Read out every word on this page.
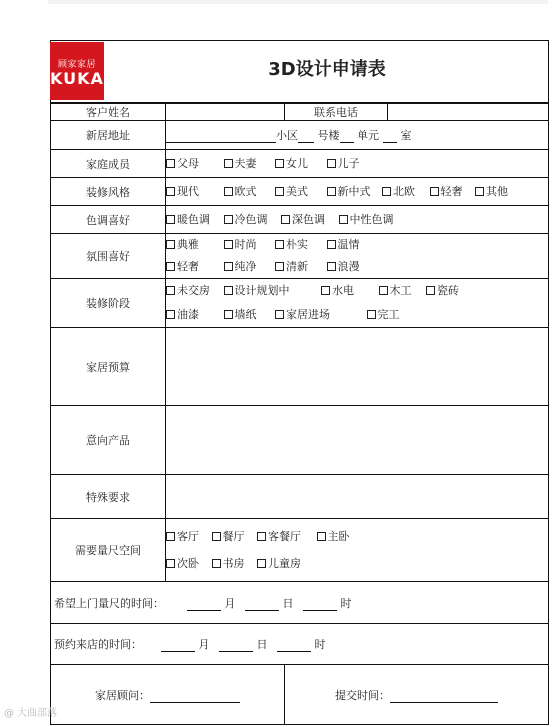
顾家家居
KUKA	3D设计申请表
客户姓名		联系电话	
新居地址	小区 号楼 单元 室		
家庭成员	父母 夫妻 女儿 儿子		

装修风格	现代 欧式 美式 新中式 北欧 轻奢 其他		

色调喜好	暖色调 冷色调 深色调 中性色调		

氛围喜好	典雅 时尚 朴实 温情
轻奢 纯净 清新 浪漫		

装修阶段	未交房 设计规划中 水电 木工 瓷砖
油漆 墙纸 家居进场 完工		

家居预算			
意向产品			
特殊要求			
需要量尺空间	客厅 餐厅 客餐厅 主卧
次卧 书房 儿童房		

希望上门量尺的时间： 月 日 时			
预约来店的时间： 月 日 时			
家居顾问：		提交时间：	
@ 大曲部落
